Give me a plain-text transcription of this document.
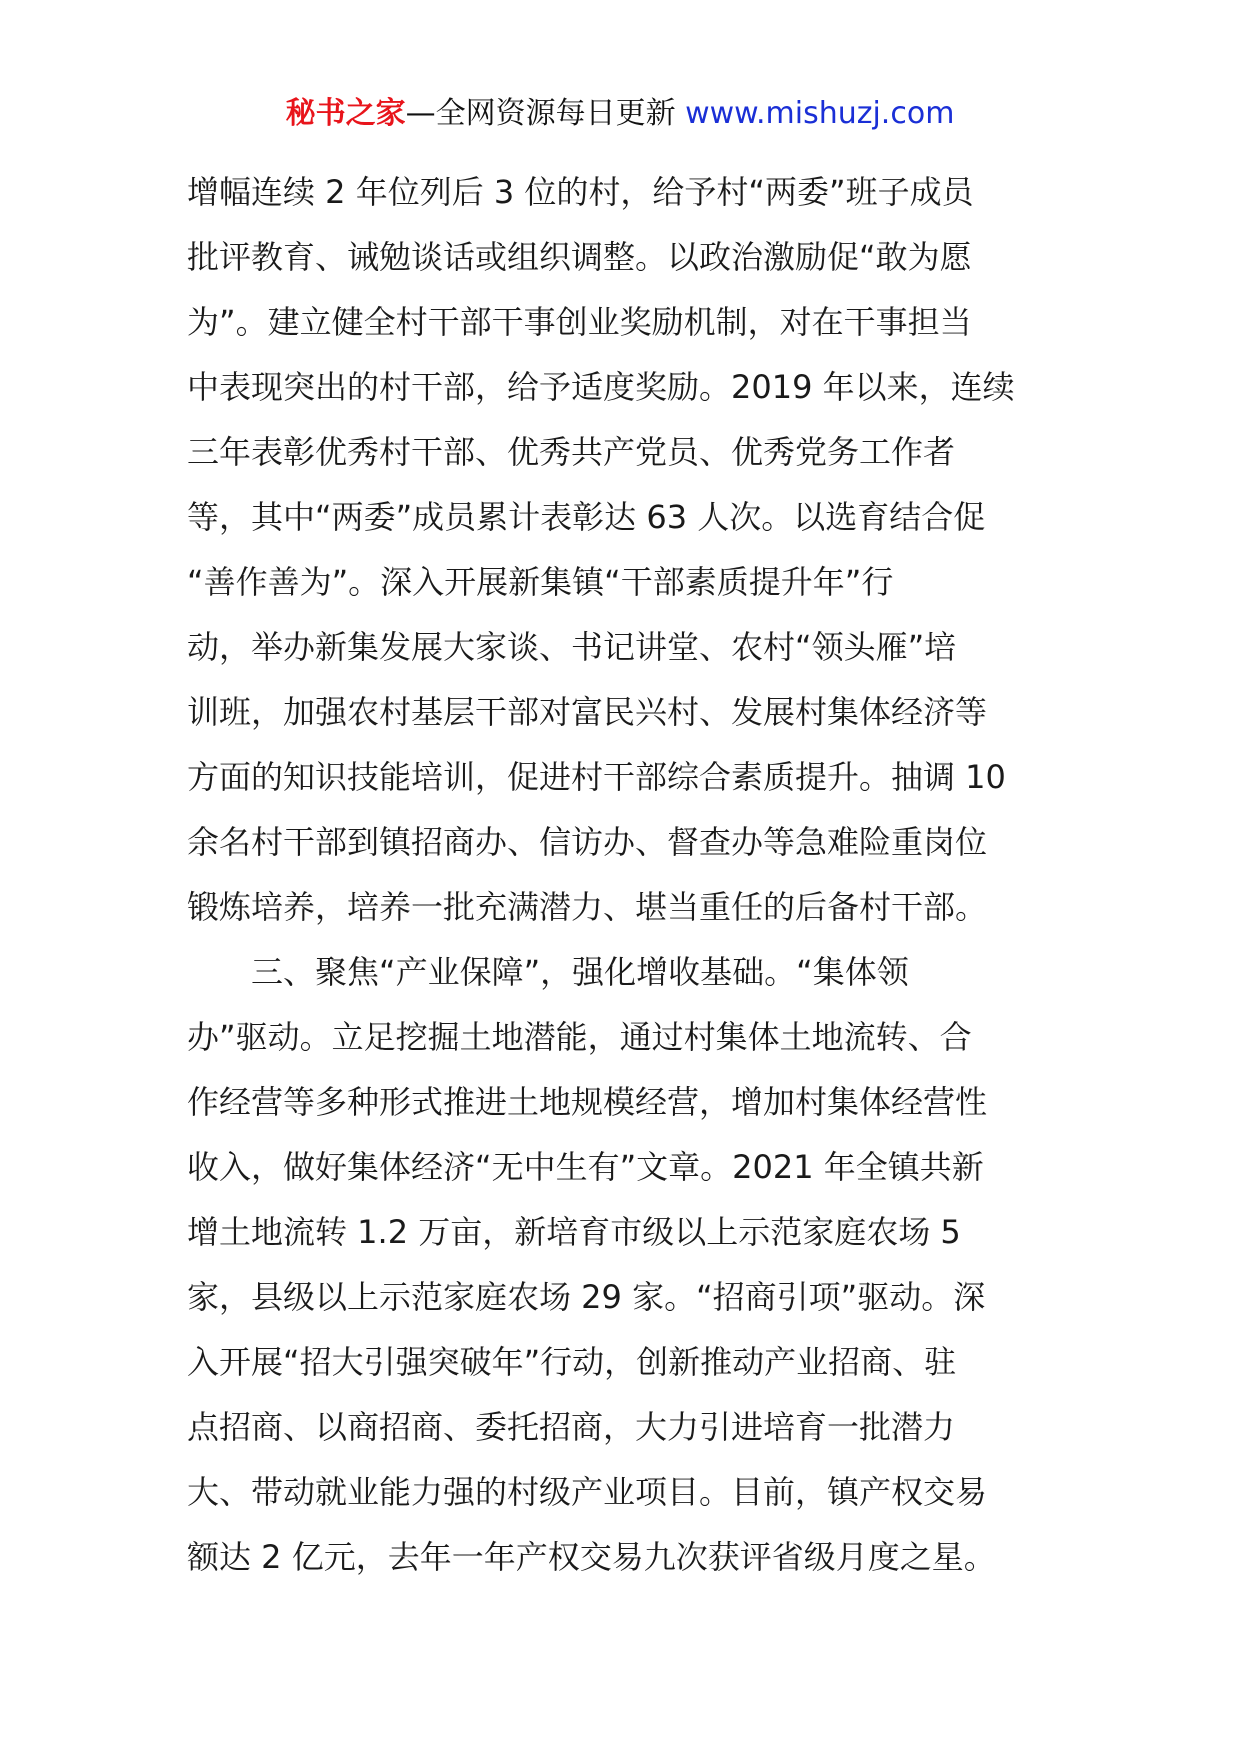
秘书之家—全网资源每日更新 www.mishuzj.com
增幅连续 2 年位列后 3 位的村，给予村“两委”班子成员
批评教育、诫勉谈话或组织调整。以政治激励促“敢为愿
为”。建立健全村干部干事创业奖励机制，对在干事担当
中表现突出的村干部，给予适度奖励。2019 年以来，连续
三年表彰优秀村干部、优秀共产党员、优秀党务工作者
等，其中“两委”成员累计表彰达 63 人次。以选育结合促
“善作善为”。深入开展新集镇“干部素质提升年”行
动，举办新集发展大家谈、书记讲堂、农村“领头雁”培
训班，加强农村基层干部对富民兴村、发展村集体经济等
方面的知识技能培训，促进村干部综合素质提升。抽调 10
余名村干部到镇招商办、信访办、督查办等急难险重岗位
锻炼培养，培养一批充满潜力、堪当重任的后备村干部。
三、聚焦“产业保障”，强化增收基础。“集体领
办”驱动。立足挖掘土地潜能，通过村集体土地流转、合
作经营等多种形式推进土地规模经营，增加村集体经营性
收入，做好集体经济“无中生有”文章。2021 年全镇共新
增土地流转 1.2 万亩，新培育市级以上示范家庭农场 5
家，县级以上示范家庭农场 29 家。“招商引项”驱动。深
入开展“招大引强突破年”行动，创新推动产业招商、驻
点招商、以商招商、委托招商，大力引进培育一批潜力
大、带动就业能力强的村级产业项目。目前，镇产权交易
额达 2 亿元，去年一年产权交易九次获评省级月度之星。
